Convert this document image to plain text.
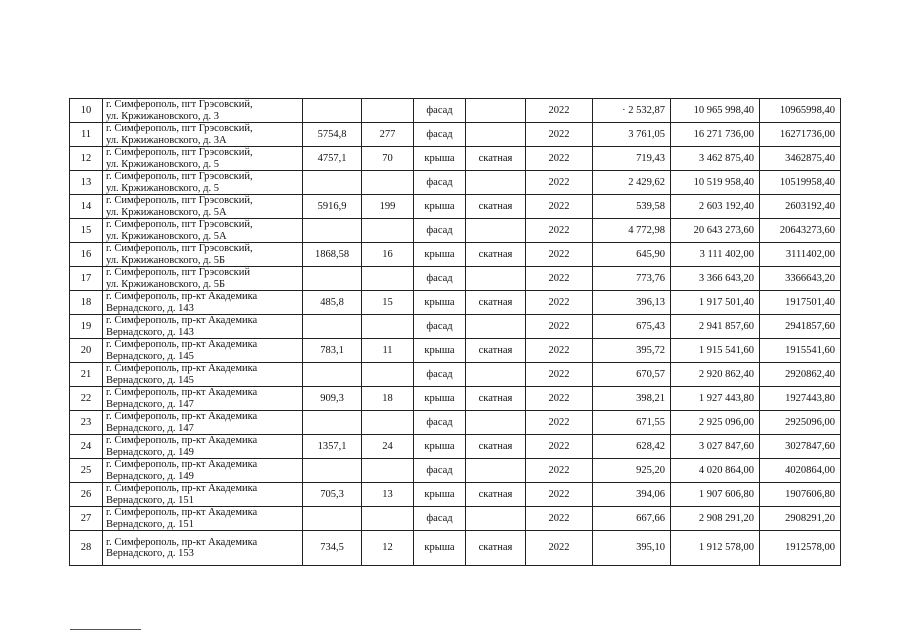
10	г. Симферополь, пгт Грэсовский,
ул. Кржижановского, д. 3			фасад		2022	· 2 532,87	10 965 998,40	10965998,40
11	г. Симферополь, пгт Грэсовский,
ул. Кржижановского, д. 3А	5754,8	277	фасад		2022	3 761,05	16 271 736,00	16271736,00
12	г. Симферополь, пгт Грэсовский,
ул. Кржижановского, д. 5	4757,1	70	крыша	скатная	2022	719,43	3 462 875,40	3462875,40
13	г. Симферополь, пгт Грэсовский,
ул. Кржижановского, д. 5			фасад		2022	2 429,62	10 519 958,40	10519958,40
14	г. Симферополь, пгт Грэсовский,
ул. Кржижановского, д. 5А	5916,9	199	крыша	скатная	2022	539,58	2 603 192,40	2603192,40
15	г. Симферополь, пгт Грэсовский,
ул. Кржижановского, д. 5А			фасад		2022	4 772,98	20 643 273,60	20643273,60
16	г. Симферополь, пгт Грэсовский,
ул. Кржижановского, д. 5Б	1868,58	16	крыша	скатная	2022	645,90	3 111 402,00	3111402,00
17	г. Симферополь, пгт Грэсовский
ул. Кржижановского, д. 5Б			фасад		2022	773,76	3 366 643,20	3366643,20
18	г. Симферополь, пр-кт Академика
Вернадского, д. 143	485,8	15	крыша	скатная	2022	396,13	1 917 501,40	1917501,40
19	г. Симферополь, пр-кт Академика
Вернадского, д. 143			фасад		2022	675,43	2 941 857,60	2941857,60
20	г. Симферополь, пр-кт Академика
Вернадского, д. 145	783,1	11	крыша	скатная	2022	395,72	1 915 541,60	1915541,60
21	г. Симферополь, пр-кт Академика
Вернадского, д. 145			фасад		2022	670,57	2 920 862,40	2920862,40
22	г. Симферополь, пр-кт Академика
Вернадского, д. 147	909,3	18	крыша	скатная	2022	398,21	1 927 443,80	1927443,80
23	г. Симферополь, пр-кт Академика
Вернадского, д. 147			фасад		2022	671,55	2 925 096,00	2925096,00
24	г. Симферополь, пр-кт Академика
Вернадского, д. 149	1357,1	24	крыша	скатная	2022	628,42	3 027 847,60	3027847,60
25	г. Симферополь, пр-кт Академика
Вернадского, д. 149			фасад		2022	925,20	4 020 864,00	4020864,00
26	г. Симферополь, пр-кт Академика
Вернадского, д. 151	705,3	13	крыша	скатная	2022	394,06	1 907 606,80	1907606,80
27	г. Симферополь, пр-кт Академика
Вернадского, д. 151			фасад		2022	667,66	2 908 291,20	2908291,20
28	г. Симферополь, пр-кт Академика
Вернадского, д. 153	734,5	12	крыша	скатная	2022	395,10	1 912 578,00	1912578,00
